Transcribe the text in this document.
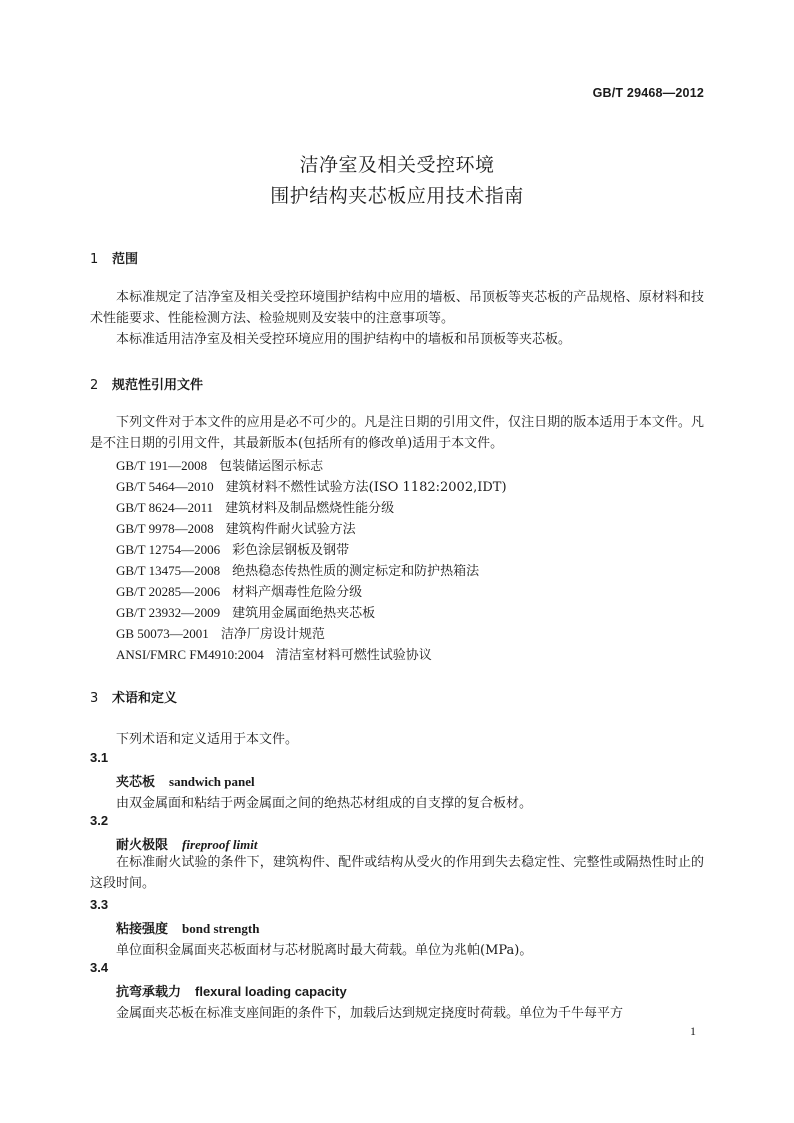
GB/T 29468—2012
洁净室及相关受控环境
围护结构夹芯板应用技术指南
1 范围
本标准规定了洁净室及相关受控环境围护结构中应用的墙板、吊顶板等夹芯板的产品规格、原材料和技术性能要求、性能检测方法、检验规则及安装中的注意事项等。
本标准适用洁净室及相关受控环境应用的围护结构中的墙板和吊顶板等夹芯板。
2 规范性引用文件
下列文件对于本文件的应用是必不可少的。凡是注日期的引用文件，仅注日期的版本适用于本文件。凡是不注日期的引用文件，其最新版本(包括所有的修改单)适用于本文件。
GB/T 191—2008 包装储运图示标志
GB/T 5464—2010 建筑材料不燃性试验方法(ISO 1182:2002,IDT)
GB/T 8624—2011 建筑材料及制品燃烧性能分级
GB/T 9978—2008 建筑构件耐火试验方法
GB/T 12754—2006 彩色涂层钢板及钢带
GB/T 13475—2008 绝热稳态传热性质的测定标定和防护热箱法
GB/T 20285—2006 材料产烟毒性危险分级
GB/T 23932—2009 建筑用金属面绝热夹芯板
GB 50073—2001 洁净厂房设计规范
ANSI/FMRC FM4910:2004 清洁室材料可燃性试验协议
3 术语和定义
下列术语和定义适用于本文件。
3.1
夹芯板 sandwich panel
由双金属面和粘结于两金属面之间的绝热芯材组成的自支撑的复合板材。
3.2
耐火极限 fireproof limit
在标准耐火试验的条件下，建筑构件、配件或结构从受火的作用到失去稳定性、完整性或隔热性时止的这段时间。
3.3
粘接强度 bond strength
单位面积金属面夹芯板面材与芯材脱离时最大荷载。单位为兆帕(MPa)。
3.4
抗弯承载力 flexural loading capacity
金属面夹芯板在标准支座间距的条件下，加载后达到规定挠度时荷载。单位为千牛每平方
1
